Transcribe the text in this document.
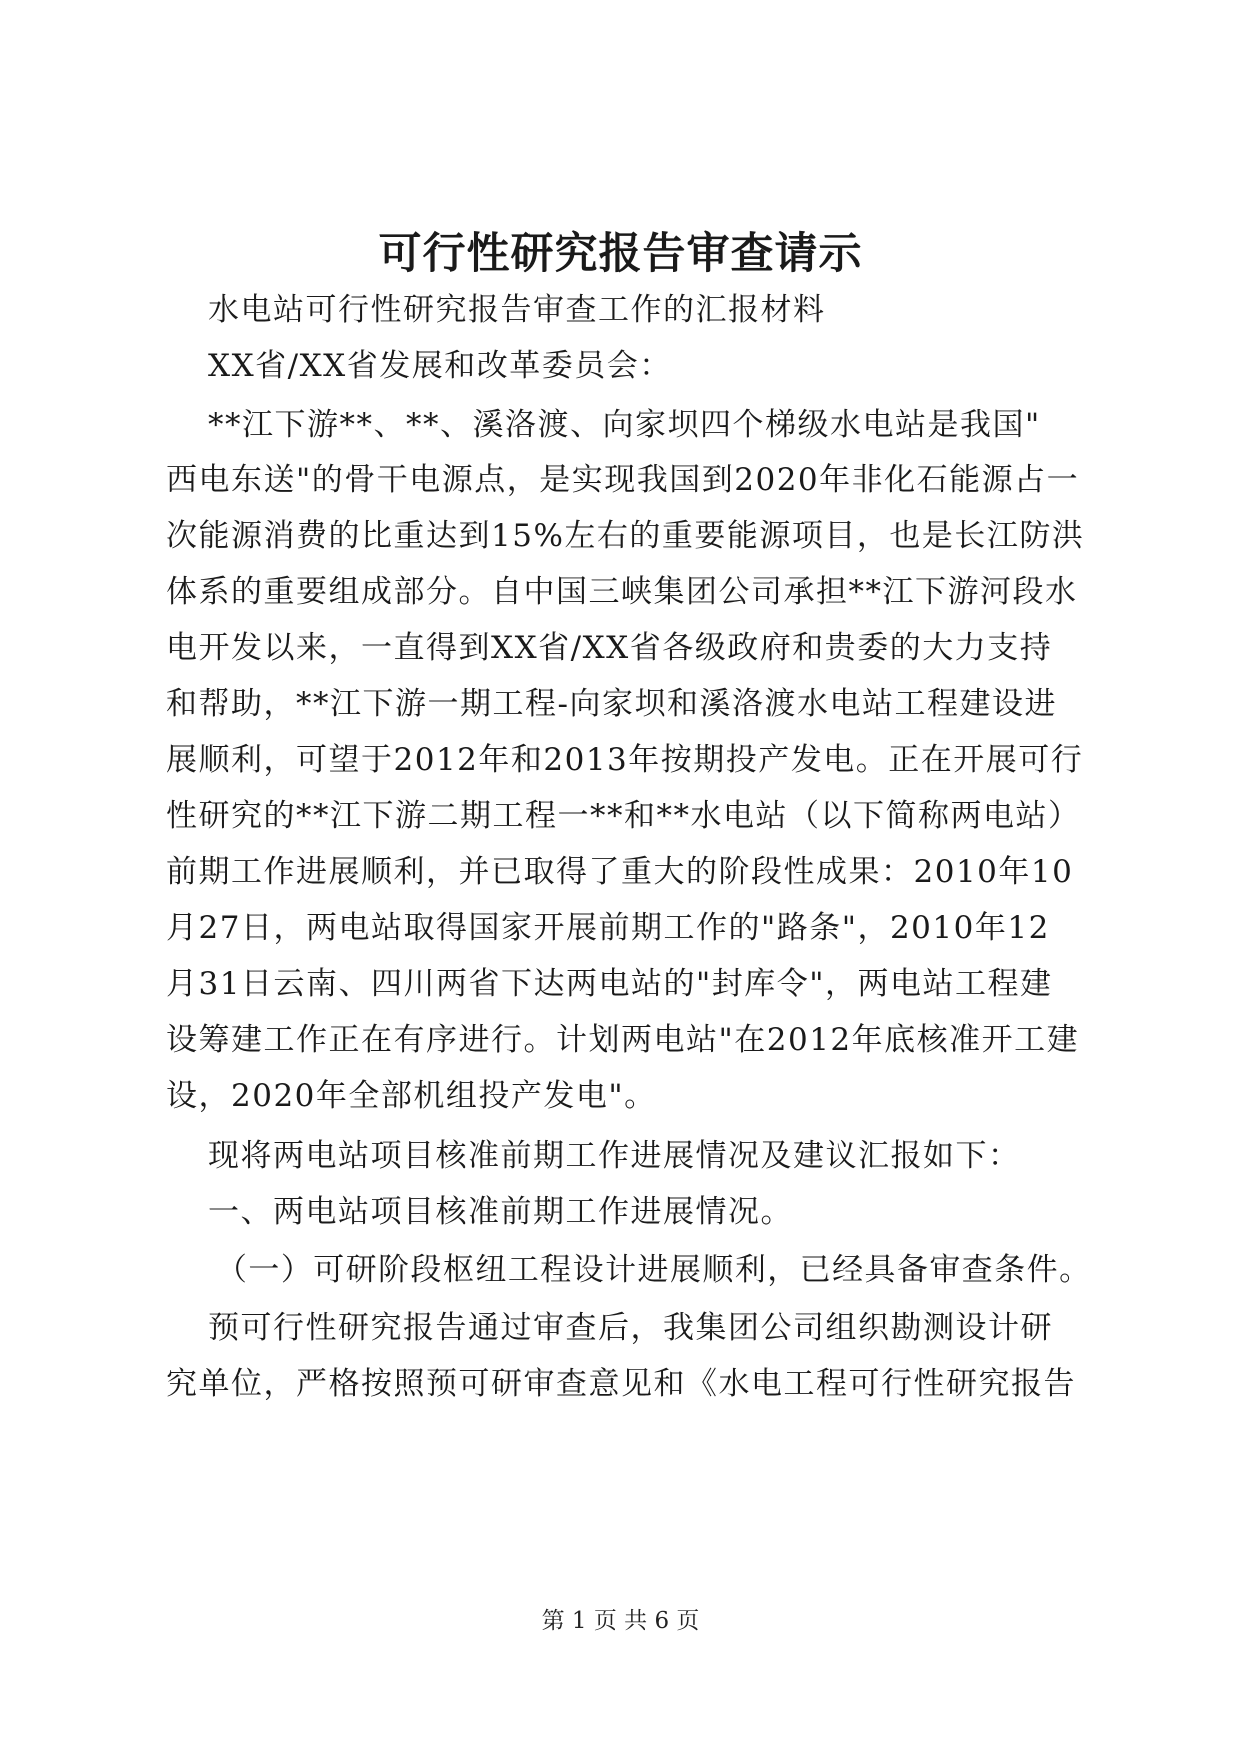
可行性研究报告审查请示
水电站可行性研究报告审查工作的汇报材料
XX省/XX省发展和改革委员会：
**江下游**、**、溪洛渡、向家坝四个梯级水电站是我国"
西电东送"的骨干电源点，是实现我国到2020年非化石能源占一
次能源消费的比重达到15%左右的重要能源项目，也是长江防洪
体系的重要组成部分。自中国三峡集团公司承担**江下游河段水
电开发以来，一直得到XX省/XX省各级政府和贵委的大力支持
和帮助，**江下游一期工程-向家坝和溪洛渡水电站工程建设进
展顺利，可望于2012年和2013年按期投产发电。正在开展可行
性研究的**江下游二期工程一**和**水电站（以下简称两电站）
前期工作进展顺利，并已取得了重大的阶段性成果：2010年10
月27日，两电站取得国家开展前期工作的"路条"，2010年12
月31日云南、四川两省下达两电站的"封库令"，两电站工程建
设筹建工作正在有序进行。计划两电站"在2012年底核准开工建
设，2020年全部机组投产发电"。
现将两电站项目核准前期工作进展情况及建议汇报如下：
一、两电站项目核准前期工作进展情况。
（一）可研阶段枢纽工程设计进展顺利，已经具备审查条件。
预可行性研究报告通过审查后，我集团公司组织勘测设计研
究单位，严格按照预可研审查意见和《水电工程可行性研究报告
第 1 页 共 6 页
